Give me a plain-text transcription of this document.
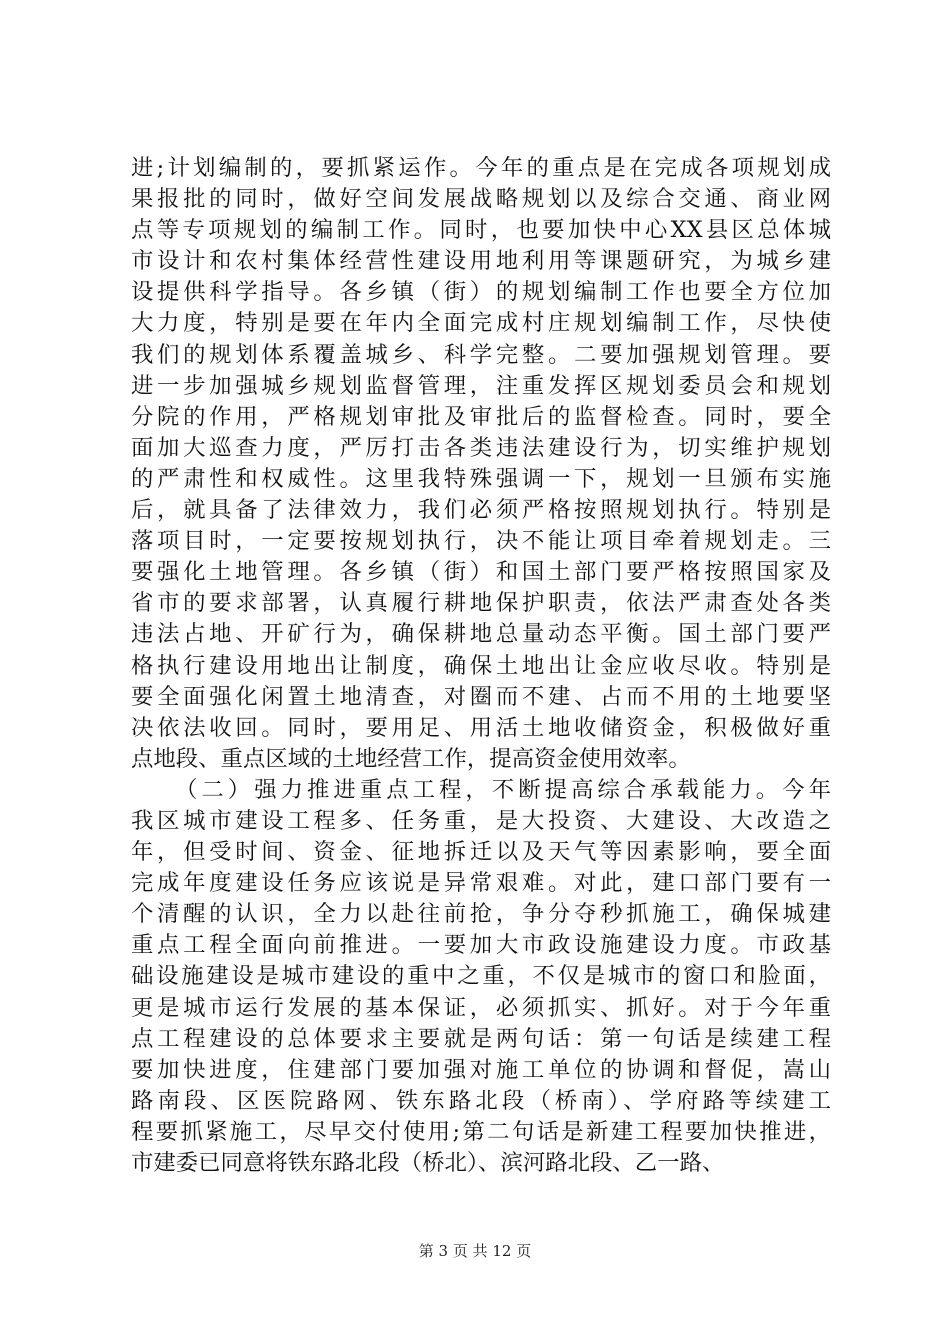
进;计划编制的，要抓紧运作。今年的重点是在完成各项规划成
果报批的同时，做好空间发展战略规划以及综合交通、商业网
点等专项规划的编制工作。同时，也要加快中心XX县区总体城
市设计和农村集体经营性建设用地利用等课题研究，为城乡建
设提供科学指导。各乡镇（街）的规划编制工作也要全方位加
大力度，特别是要在年内全面完成村庄规划编制工作，尽快使
我们的规划体系覆盖城乡、科学完整。二要加强规划管理。要
进一步加强城乡规划监督管理，注重发挥区规划委员会和规划
分院的作用，严格规划审批及审批后的监督检查。同时，要全
面加大巡查力度，严厉打击各类违法建设行为，切实维护规划
的严肃性和权威性。这里我特殊强调一下，规划一旦颁布实施
后，就具备了法律效力，我们必须严格按照规划执行。特别是
落项目时，一定要按规划执行，决不能让项目牵着规划走。三
要强化土地管理。各乡镇（街）和国土部门要严格按照国家及
省市的要求部署，认真履行耕地保护职责，依法严肃查处各类
违法占地、开矿行为，确保耕地总量动态平衡。国土部门要严
格执行建设用地出让制度，确保土地出让金应收尽收。特别是
要全面强化闲置土地清查，对圈而不建、占而不用的土地要坚
决依法收回。同时，要用足、用活土地收储资金，积极做好重
点地段、重点区域的土地经营工作，提高资金使用效率。
（二）强力推进重点工程，不断提高综合承载能力。今年
我区城市建设工程多、任务重，是大投资、大建设、大改造之
年，但受时间、资金、征地拆迁以及天气等因素影响，要全面
完成年度建设任务应该说是异常艰难。对此，建口部门要有一
个清醒的认识，全力以赴往前抢，争分夺秒抓施工，确保城建
重点工程全面向前推进。一要加大市政设施建设力度。市政基
础设施建设是城市建设的重中之重，不仅是城市的窗口和脸面，
更是城市运行发展的基本保证，必须抓实、抓好。对于今年重
点工程建设的总体要求主要就是两句话：第一句话是续建工程
要加快进度，住建部门要加强对施工单位的协调和督促，嵩山
路南段、区医院路网、铁东路北段（桥南）、学府路等续建工
程要抓紧施工，尽早交付使用;第二句话是新建工程要加快推进，
市建委已同意将铁东路北段（桥北）、滨河路北段、乙一路、
第 3 页 共 12 页
